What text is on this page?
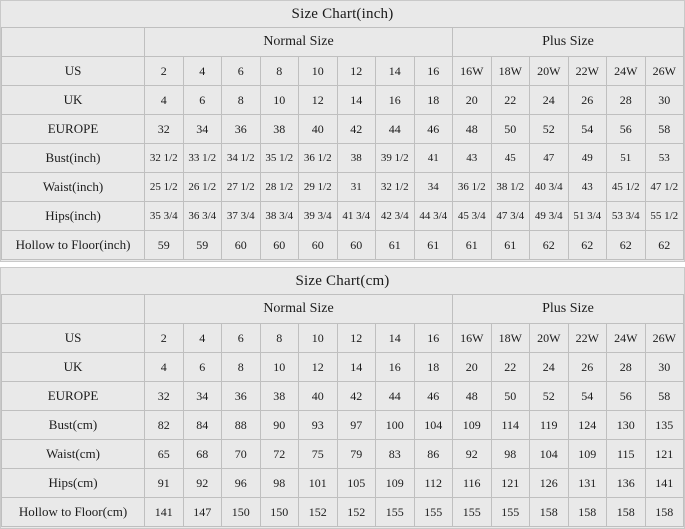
Size Chart(inch)
	Normal Size								Plus Size					
US	2	4	6	8	10	12	14	16	16W	18W	20W	22W	24W	26W
UK	4	6	8	10	12	14	16	18	20	22	24	26	28	30
EUROPE	32	34	36	38	40	42	44	46	48	50	52	54	56	58
Bust(inch)	32 1/2	33 1/2	34 1/2	35 1/2	36 1/2	38	39 1/2	41	43	45	47	49	51	53
Waist(inch)	25 1/2	26 1/2	27 1/2	28 1/2	29 1/2	31	32 1/2	34	36 1/2	38 1/2	40 3/4	43	45 1/2	47 1/2
Hips(inch)	35 3/4	36 3/4	37 3/4	38 3/4	39 3/4	41 3/4	42 3/4	44 3/4	45 3/4	47 3/4	49 3/4	51 3/4	53 3/4	55 1/2
Hollow to Floor(inch)	59	59	60	60	60	60	61	61	61	61	62	62	62	62
Size Chart(cm)
	Normal Size								Plus Size					
US	2	4	6	8	10	12	14	16	16W	18W	20W	22W	24W	26W
UK	4	6	8	10	12	14	16	18	20	22	24	26	28	30
EUROPE	32	34	36	38	40	42	44	46	48	50	52	54	56	58
Bust(cm)	82	84	88	90	93	97	100	104	109	114	119	124	130	135
Waist(cm)	65	68	70	72	75	79	83	86	92	98	104	109	115	121
Hips(cm)	91	92	96	98	101	105	109	112	116	121	126	131	136	141
Hollow to Floor(cm)	141	147	150	150	152	152	155	155	155	155	158	158	158	158
